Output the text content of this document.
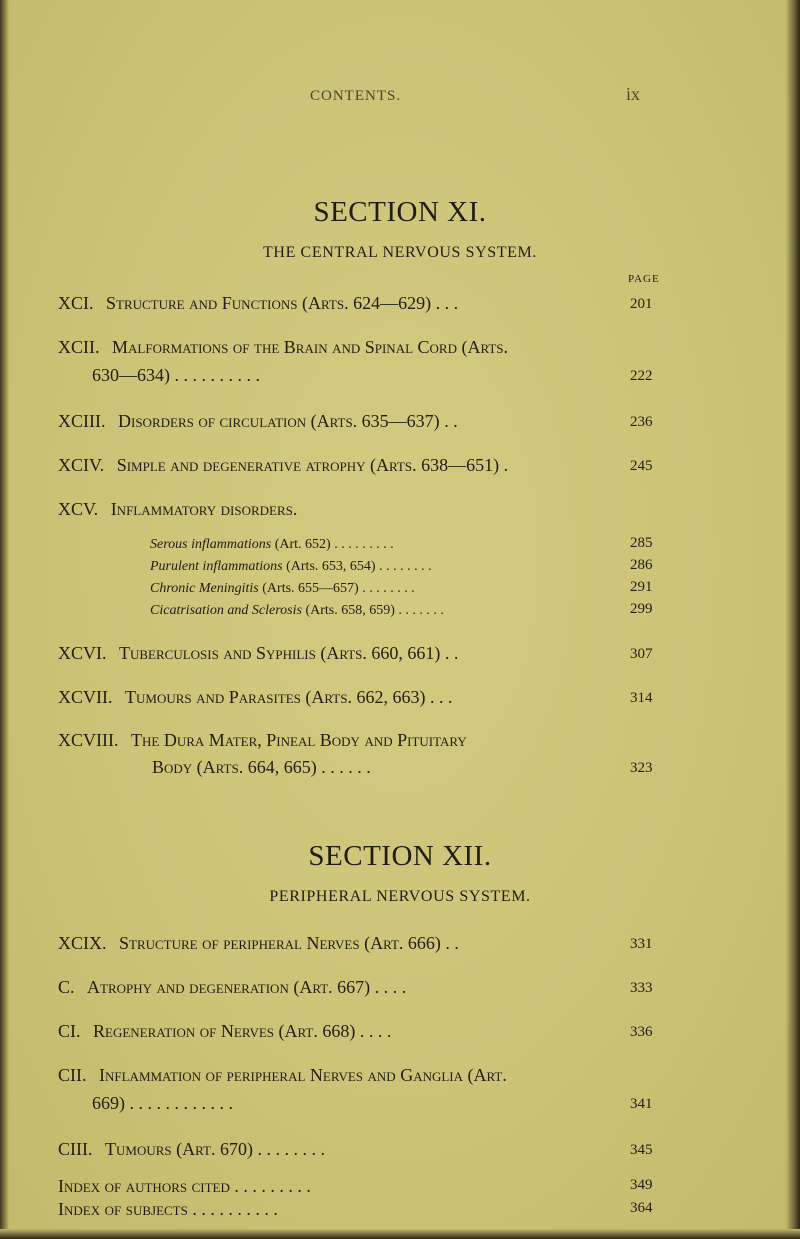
CONTENTS.	ix
SECTION XI.
THE CENTRAL NERVOUS SYSTEM.
PAGE
XCI. Structure and Functions (Arts. 624—629) . . .	201
XCII. Malformations of the Brain and Spinal Cord (Arts.
630—634) . . . . . . . . . .	222
XCIII. Disorders of circulation (Arts. 635—637) . .	236
XCIV. Simple and degenerative atrophy (Arts. 638—651) .	245
XCV. Inflammatory disorders.
Serous inflammations (Art. 652) . . . . . . . . .	285
Purulent inflammations (Arts. 653, 654) . . . . . . . .	286
Chronic Meningitis (Arts. 655—657) . . . . . . . .	291
Cicatrisation and Sclerosis (Arts. 658, 659) . . . . . . .	299
XCVI. Tuberculosis and Syphilis (Arts. 660, 661) . .	307
XCVII. Tumours and Parasites (Arts. 662, 663) . . .	314
XCVIII. The Dura Mater, Pineal Body and Pituitary
Body (Arts. 664, 665) . . . . . .	323
SECTION XII.
PERIPHERAL NERVOUS SYSTEM.
XCIX. Structure of peripheral Nerves (Art. 666) . .	331
C. Atrophy and degeneration (Art. 667) . . . .	333
CI. Regeneration of Nerves (Art. 668) . . . .	336
CII. Inflammation of peripheral Nerves and Ganglia (Art.
669) . . . . . . . . . . . .	341
CIII. Tumours (Art. 670) . . . . . . . .	345
Index of authors cited . . . . . . . . .	349
Index of subjects . . . . . . . . . .	364
